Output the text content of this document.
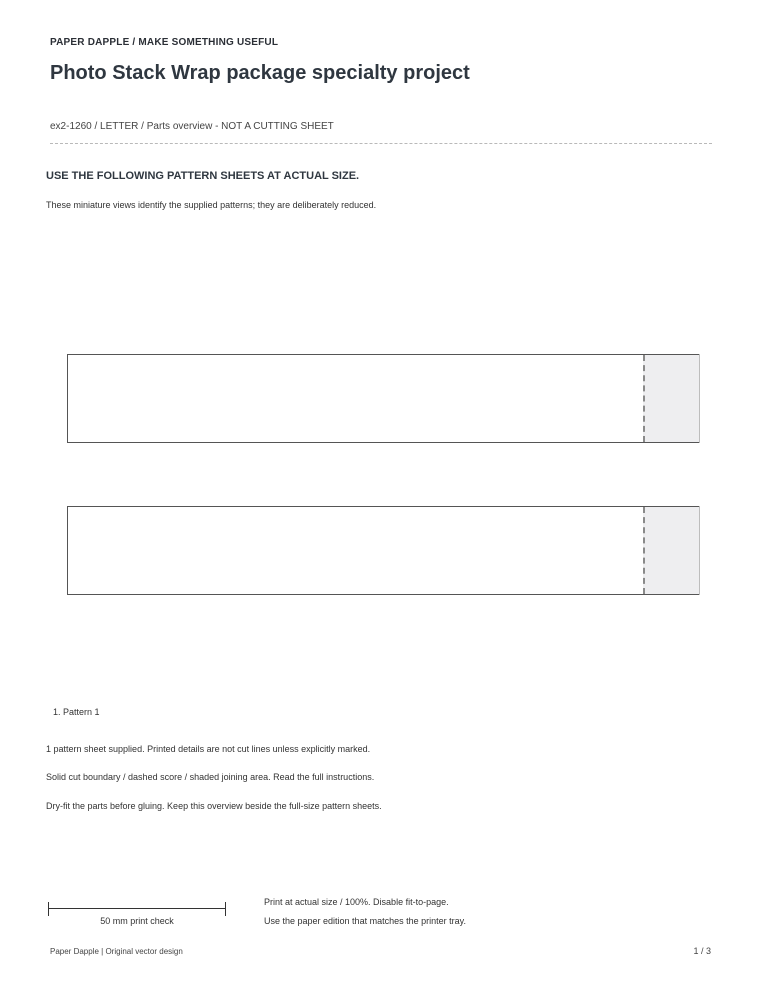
PAPER DAPPLE / MAKE SOMETHING USEFUL
Photo Stack Wrap package specialty project
ex2-1260 / LETTER / Parts overview - NOT A CUTTING SHEET
USE THE FOLLOWING PATTERN SHEETS AT ACTUAL SIZE.
These miniature views identify the supplied patterns; they are deliberately reduced.
1. Pattern 1
1 pattern sheet supplied. Printed details are not cut lines unless explicitly marked.
Solid cut boundary / dashed score / shaded joining area. Read the full instructions.
Dry-fit the parts before gluing. Keep this overview beside the full-size pattern sheets.
50 mm print check
Print at actual size / 100%. Disable fit-to-page.
Use the paper edition that matches the printer tray.
Paper Dapple | Original vector design	1 / 3
